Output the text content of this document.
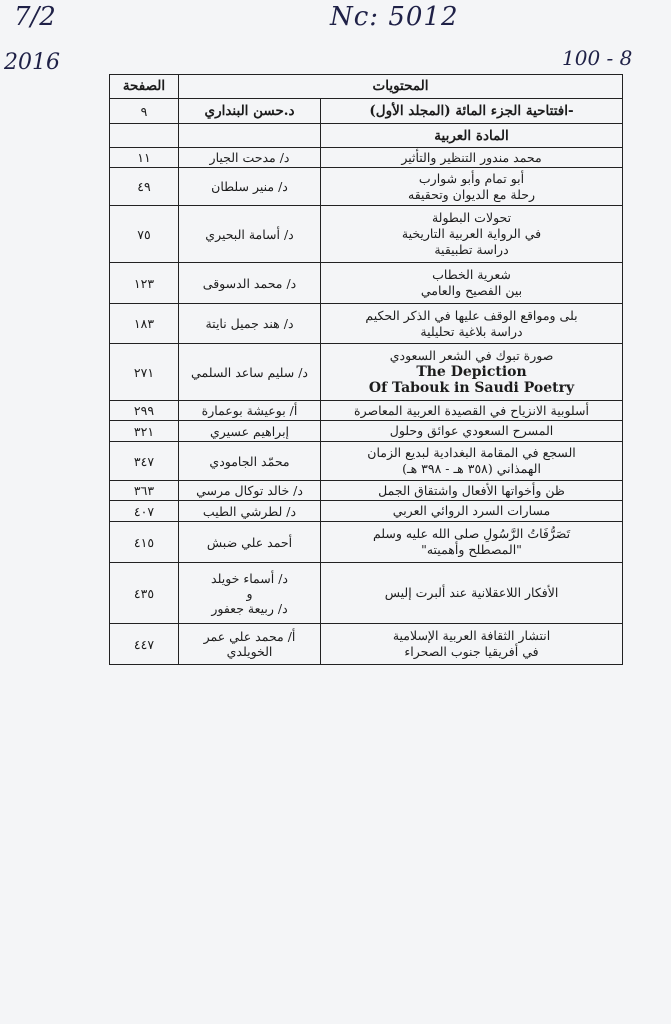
7/2
2016
Nc: 5012
100 - 8
المحتويات		الصفحة

-افتتاحية الجزء المائة (المجلد الأول)	د.حسن البنداري	٩

المادة العربية		

محمد مندور التنظير والتأثير	د/ مدحت الجيار	١١

أبو تمام وأبو شوارب
رحلة مع الديوان وتحقيقه	د/ منير سلطان	٤٩

تحولات البطولة
في الرواية العربية التاريخية
دراسة تطبيقية	د/ أسامة البحيري	٧٥

شعرية الخطاب
بين الفصيح والعامي	د/ محمد الدسوقى	١٢٣

بلى ومواقع الوقف عليها في الذكر الحكيم
دراسة بلاغية تحليلية	د/ هند جميل نايتة	١٨٣

صورة تبوك في الشعر السعودي
The Depiction
Of Tabouk in Saudi Poetry	د/ سليم ساعد السلمي	٢٧١

أسلوبية الانزياح في القصيدة العربية المعاصرة	أ/ بوعيشة بوعمارة	٢٩٩

المسرح السعودي عوائق وحلول	إبراهيم عسيري	٣٢١

السجع في المقامة البغدادية لبديع الزمان
الهمذاني (٣٥٨ هـ - ٣٩٨ هـ)	محمّد الجامودي	٣٤٧

ظن وأخواتها الأفعال واشتقاق الجمل	د/ خالد توكال مرسي	٣٦٣

مسارات السرد الروائي العربي	د/ لطرشي الطيب	٤٠٧

تَصَرُّفَاتُ الرَّسُولِ صلى الله عليه وسلم
"المصطلح وأهميته"	أحمد علي ضبش	٤١٥

الأفكار اللاعقلانية عند ألبرت إليس	د/ أسماء خويلد
و
د/ ربيعة جعفور	٤٣٥

انتشار الثقافة العربية الإسلامية
في أفريقيا جنوب الصحراء	أ/ محمد علي عمر
الخويلدي	٤٤٧
